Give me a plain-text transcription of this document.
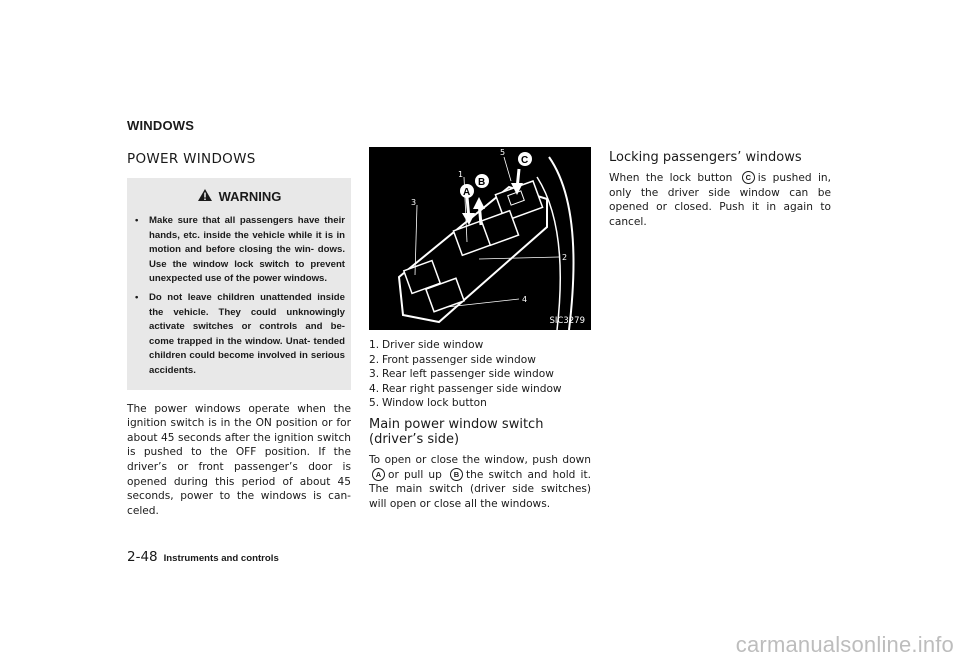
WINDOWS
POWER WINDOWS
WARNING
•	Make sure that all passengers have their hands, etc. inside the vehicle while it is in motion and before closing the win- dows. Use the window lock switch to prevent unexpected use of the power windows.
•	Do not leave children unattended inside the vehicle. They could unknowingly activate switches or controls and be- come trapped in the window. Unat- tended children could become involved in serious accidents.

The power windows operate when the ignition switch is in the ON position or for about 45 seconds after the ignition switch is pushed to the OFF position. If the driver’s or front passenger’s door is opened during this period of about 45 seconds, power to the windows is can- celed.

1
2
3
4
5
A
B
C
SIC3279
1. Driver side window
2. Front passenger side window
3. Rear left passenger side window
4. Rear right passenger side window
5. Window lock button
Main power window switch (driver’s side)

To open or close the window, push down A or pull up B the switch and hold it. The main switch (driver side switches) will open or close all the windows.

Locking passengers’ windows

When the lock button C is pushed in, only the driver side window can be opened or closed. Push it in again to cancel.

2-48 Instruments and controls
carmanualsonline.info
